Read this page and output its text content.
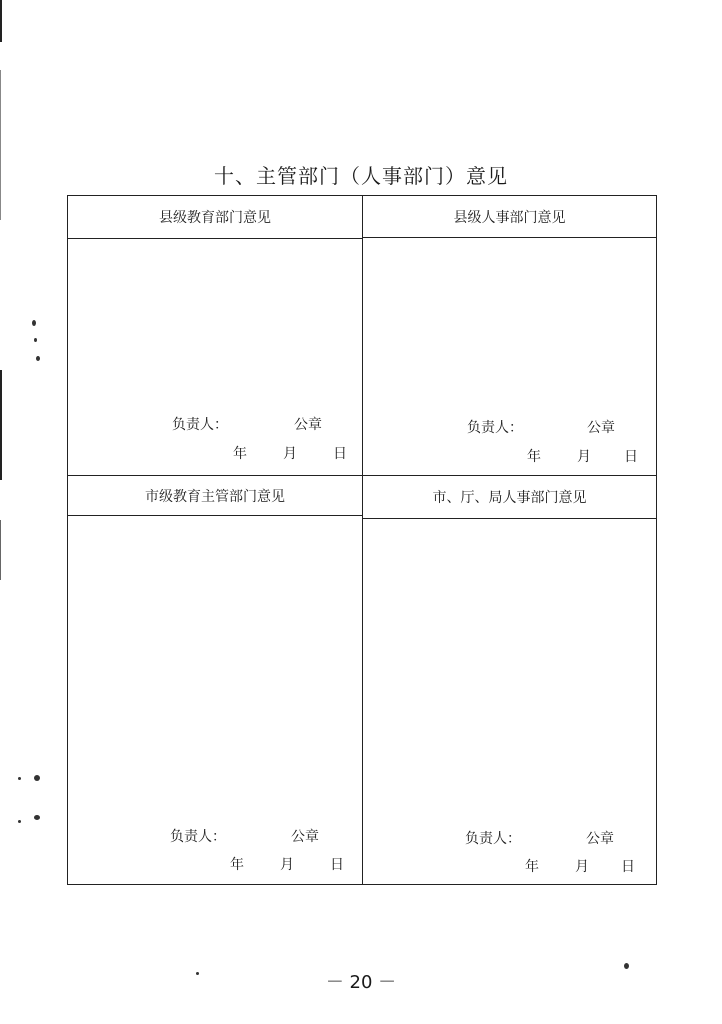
十、主管部门（人事部门）意见
县级教育部门意见
负责人：	公章
年	月	日
县级人事部门意见
负责人：	公章
年	月 日
市级教育主管部门意见
负责人：	公章
年	月	日
市、厅、局人事部门意见
负责人：	公章
年	月 日
－ 20 －
